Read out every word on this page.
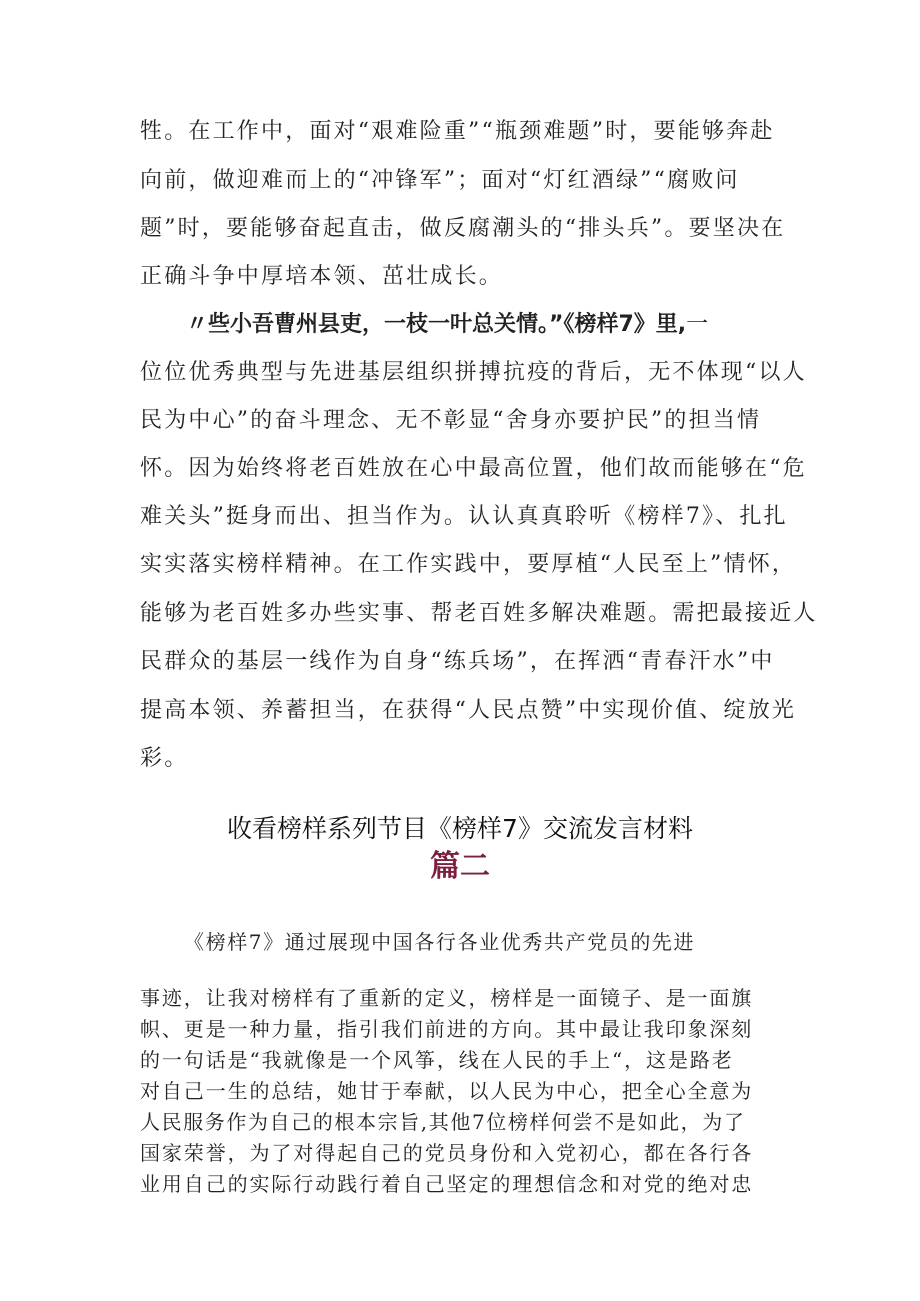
牲。在工作中，面对“艰难险重”“瓶颈难题”时，要能够奔赴
向前，做迎难而上的“冲锋军”；面对“灯红酒绿”“腐败问
题”时，要能够奋起直击，做反腐潮头的“排头兵”。要坚决在
正确斗争中厚培本领、茁壮成长。
〃些小吾曹州县吏，一枝一叶总关情。”《榜样7》里,一
位位优秀典型与先进基层组织拼搏抗疫的背后，无不体现“以人
民为中心”的奋斗理念、无不彰显“舍身亦要护民”的担当情
怀。因为始终将老百姓放在心中最高位置，他们故而能够在“危
难关头”挺身而出、担当作为。认认真真聆听《榜样7》、扎扎
实实落实榜样精神。在工作实践中，要厚植“人民至上”情怀，
能够为老百姓多办些实事、帮老百姓多解决难题。需把最接近人
民群众的基层一线作为自身“练兵场”，在挥洒“青春汗水”中
提高本领、养蓄担当，在获得“人民点赞”中实现价值、绽放光
彩。
收看榜样系列节目《榜样7》交流发言材料
篇二
《榜样7》通过展现中国各行各业优秀共产党员的先进
事迹，让我对榜样有了重新的定义，榜样是一面镜子、是一面旗
帜、更是一种力量，指引我们前进的方向。其中最让我印象深刻
的一句话是“我就像是一个风筝，线在人民的手上“，这是路老
对自己一生的总结，她甘于奉献，以人民为中心，把全心全意为
人民服务作为自己的根本宗旨,其他7位榜样何尝不是如此，为了
国家荣誉，为了对得起自己的党员身份和入党初心，都在各行各
业用自己的实际行动践行着自己坚定的理想信念和对党的绝对忠
